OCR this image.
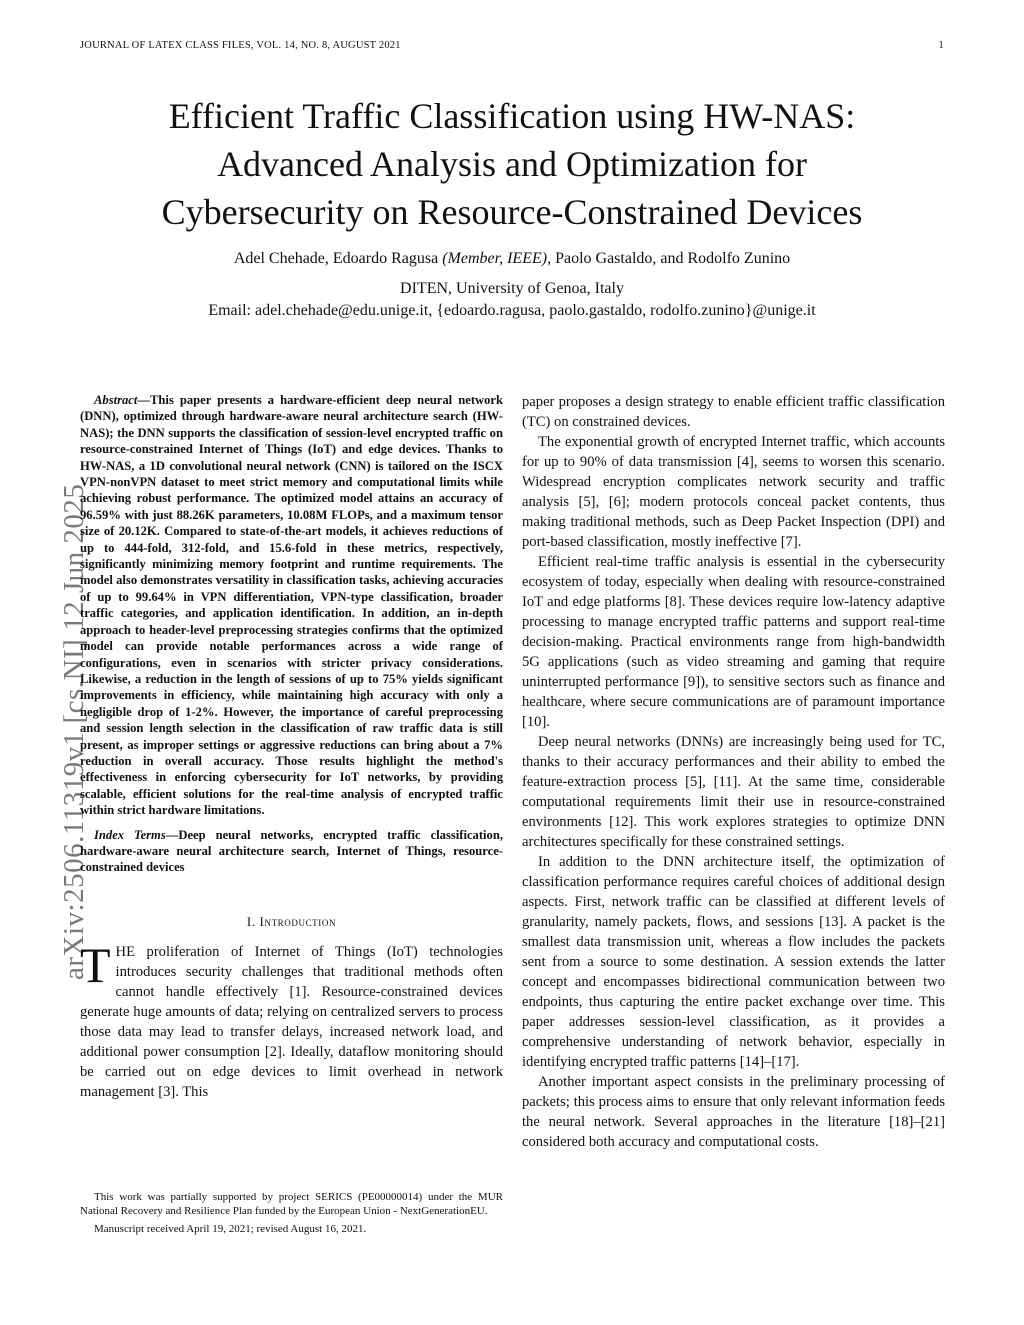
JOURNAL OF LATEX CLASS FILES, VOL. 14, NO. 8, AUGUST 2021	1
Efficient Traffic Classification using HW-NAS:
Advanced Analysis and Optimization for
Cybersecurity on Resource-Constrained Devices
Adel Chehade, Edoardo Ragusa (Member, IEEE), Paolo Gastaldo, and Rodolfo Zunino
DITEN, University of Genoa, Italy
Email: adel.chehade@edu.unige.it, {edoardo.ragusa, paolo.gastaldo, rodolfo.zunino}@unige.it
arXiv:2506.11319v1 [cs.NI] 12 Jun 2025

Abstract—This paper presents a hardware-efficient deep neural network (DNN), optimized through hardware-aware neural architecture search (HW-NAS); the DNN supports the classification of session-level encrypted traffic on resource-constrained Internet of Things (IoT) and edge devices. Thanks to HW-NAS, a 1D convolutional neural network (CNN) is tailored on the ISCX VPN-nonVPN dataset to meet strict memory and computational limits while achieving robust performance. The optimized model attains an accuracy of 96.59% with just 88.26K parameters, 10.08M FLOPs, and a maximum tensor size of 20.12K. Compared to state-of-the-art models, it achieves reductions of up to 444-fold, 312-fold, and 15.6-fold in these metrics, respectively, significantly minimizing memory footprint and runtime requirements. The model also demonstrates versatility in classification tasks, achieving accuracies of up to 99.64% in VPN differentiation, VPN-type classification, broader traffic categories, and application identification. In addition, an in-depth approach to header-level preprocessing strategies confirms that the optimized model can provide notable performances across a wide range of configurations, even in scenarios with stricter privacy considerations. Likewise, a reduction in the length of sessions of up to 75% yields significant improvements in efficiency, while maintaining high accuracy with only a negligible drop of 1-2%. However, the importance of careful preprocessing and session length selection in the classification of raw traffic data is still present, as improper settings or aggressive reductions can bring about a 7% reduction in overall accuracy. Those results highlight the method's effectiveness in enforcing cybersecurity for IoT networks, by providing scalable, efficient solutions for the real-time analysis of encrypted traffic within strict hardware limitations.

Index Terms—Deep neural networks, encrypted traffic classification, hardware-aware neural architecture search, Internet of Things, resource-constrained devices

I. Introduction

THE proliferation of Internet of Things (IoT) technologies introduces security challenges that traditional methods often cannot handle effectively [1]. Resource-constrained devices generate huge amounts of data; relying on centralized servers to process those data may lead to transfer delays, increased network load, and additional power consumption [2]. Ideally, dataflow monitoring should be carried out on edge devices to limit overhead in network management [3]. This

This work was partially supported by project SERICS (PE00000014) under the MUR National Recovery and Resilience Plan funded by the European Union - NextGenerationEU.

Manuscript received April 19, 2021; revised August 16, 2021.

paper proposes a design strategy to enable efficient traffic classification (TC) on constrained devices.

The exponential growth of encrypted Internet traffic, which accounts for up to 90% of data transmission [4], seems to worsen this scenario. Widespread encryption complicates network security and traffic analysis [5], [6]; modern protocols conceal packet contents, thus making traditional methods, such as Deep Packet Inspection (DPI) and port-based classification, mostly ineffective [7].

Efficient real-time traffic analysis is essential in the cybersecurity ecosystem of today, especially when dealing with resource-constrained IoT and edge platforms [8]. These devices require low-latency adaptive processing to manage encrypted traffic patterns and support real-time decision-making. Practical environments range from high-bandwidth 5G applications (such as video streaming and gaming that require uninterrupted performance [9]), to sensitive sectors such as finance and healthcare, where secure communications are of paramount importance [10].

Deep neural networks (DNNs) are increasingly being used for TC, thanks to their accuracy performances and their ability to embed the feature-extraction process [5], [11]. At the same time, considerable computational requirements limit their use in resource-constrained environments [12]. This work explores strategies to optimize DNN architectures specifically for these constrained settings.

In addition to the DNN architecture itself, the optimization of classification performance requires careful choices of additional design aspects. First, network traffic can be classified at different levels of granularity, namely packets, flows, and sessions [13]. A packet is the smallest data transmission unit, whereas a flow includes the packets sent from a source to some destination. A session extends the latter concept and encompasses bidirectional communication between two endpoints, thus capturing the entire packet exchange over time. This paper addresses session-level classification, as it provides a comprehensive understanding of network behavior, especially in identifying encrypted traffic patterns [14]–[17].

Another important aspect consists in the preliminary processing of packets; this process aims to ensure that only relevant information feeds the neural network. Several approaches in the literature [18]–[21] considered both accuracy and computational costs.
